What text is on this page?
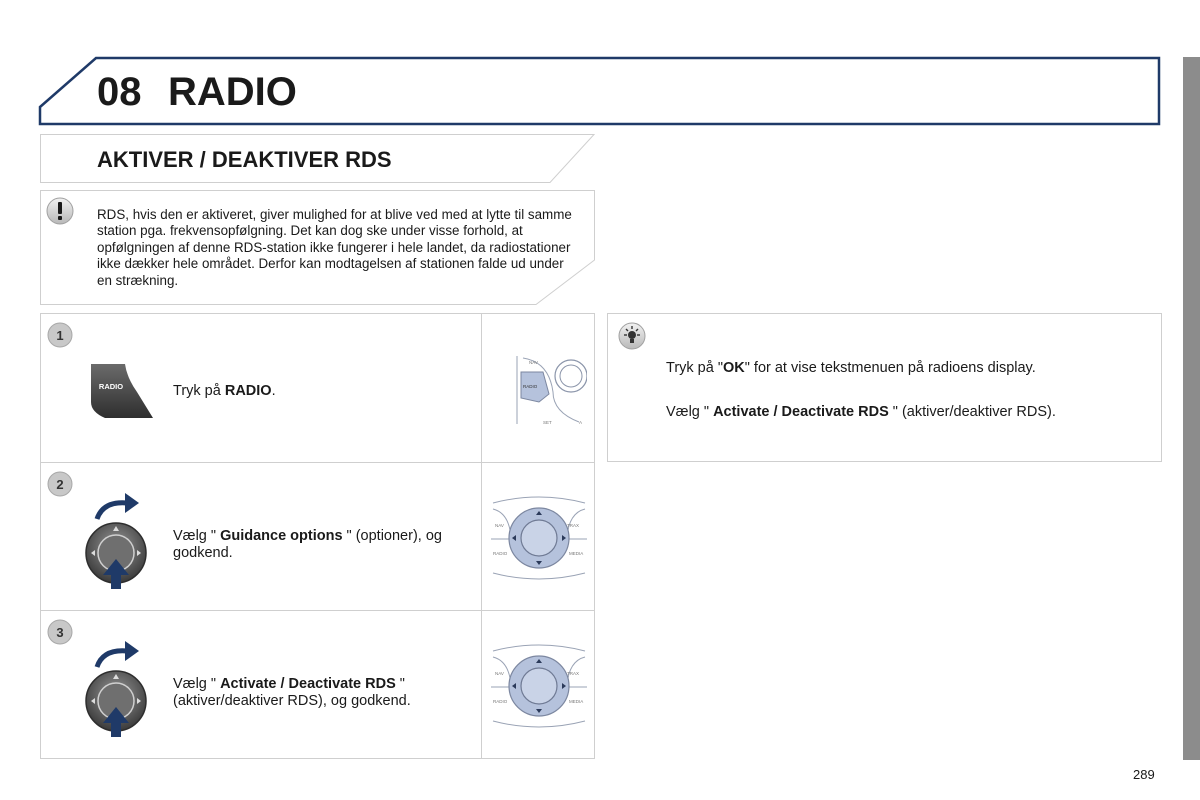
08 RADIO
AKTIVER / DEAKTIVER RDS
RDS, hvis den er aktiveret, giver mulighed for at blive ved med at lytte til samme station pga. frekvensopfølgning. Det kan dog ske under visse forhold, at opfølgningen af denne RDS-station ikke fungerer i hele landet, da radiostationer ikke dækker hele området. Derfor kan modtagelsen af stationen falde ud under en strækning.
1
RADIO	Tryk på RADIO.
NAV
RADIO
SET	A
2
Vælg " Guidance options " (optioner), og godkend.
NAV	TRAX
RADIO	MEDIA
3
Vælg " Activate / Deactivate RDS " (aktiver/deaktiver RDS), og godkend.
NAV	TRAX
RADIO	MEDIA
Tryk på "OK" for at vise tekstmenuen på radioens display.
Vælg " Activate / Deactivate RDS " (aktiver/deaktiver RDS).
289
